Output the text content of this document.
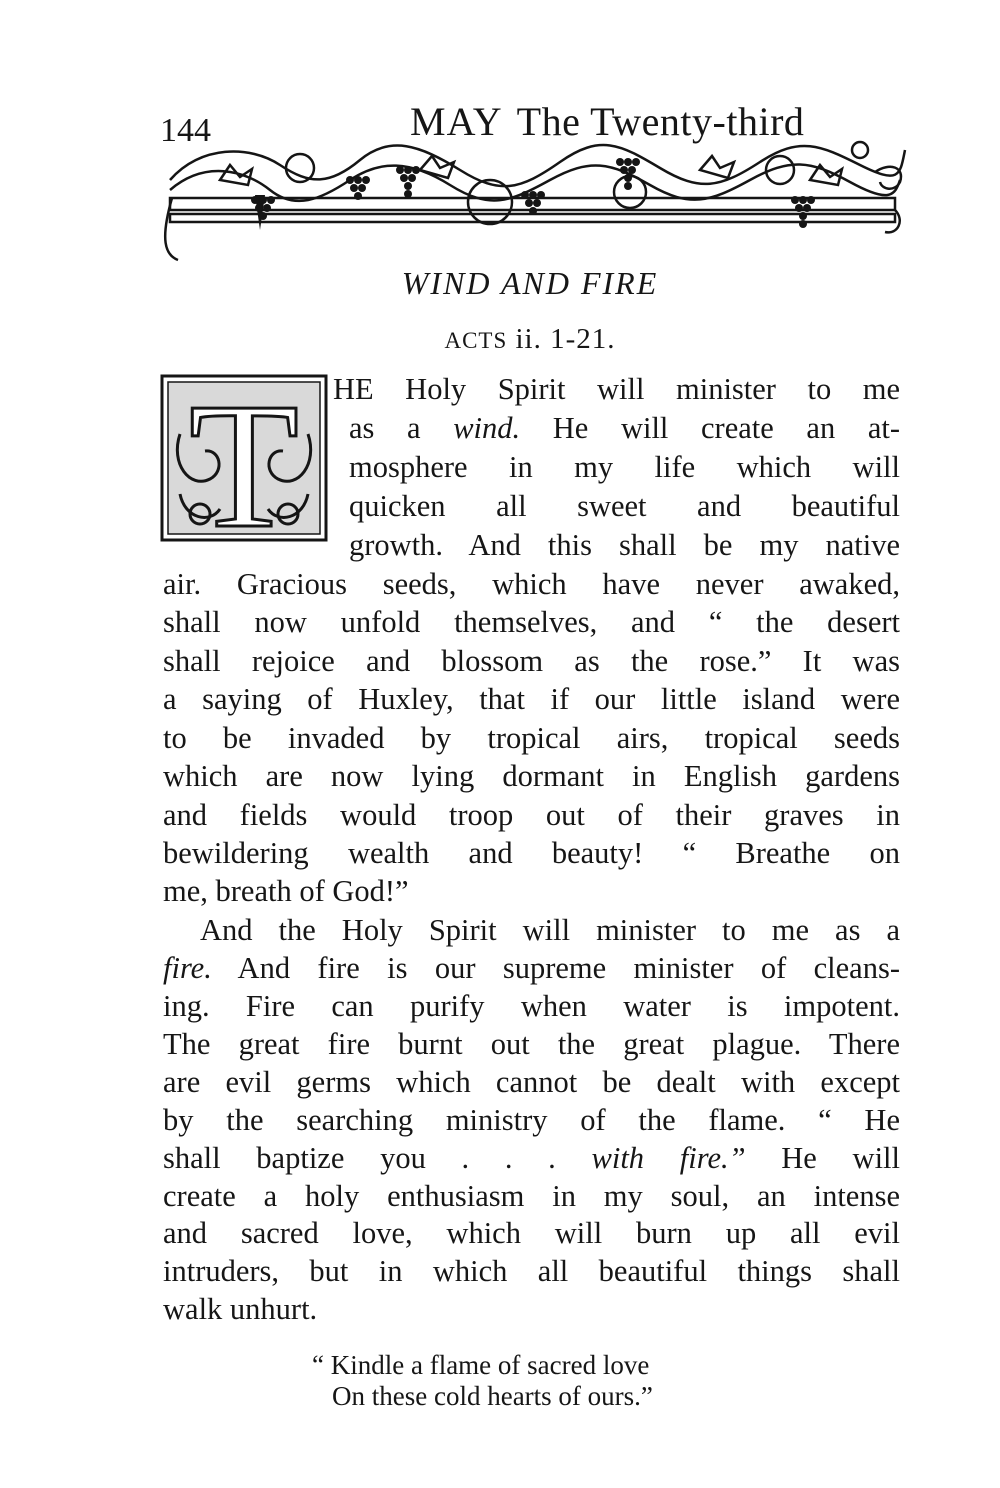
144	MAY The Twenty-third
WIND AND FIRE
ACTS ii. 1-21.
T HE Holy Spirit will minister to me
as a wind. He will create an at-
mosphere in my life which will
quicken all sweet and beautiful
growth. And this shall be my native
air. Gracious seeds, which have never awaked,
shall now unfold themselves, and “ the desert
shall rejoice and blossom as the rose.” It was
a saying of Huxley, that if our little island were
to be invaded by tropical airs, tropical seeds
which are now lying dormant in English gardens
and fields would troop out of their graves in
bewildering wealth and beauty! “ Breathe on
me, breath of God!”
And the Holy Spirit will minister to me as a
fire. And fire is our supreme minister of cleans-
ing. Fire can purify when water is impotent.
The great fire burnt out the great plague. There
are evil germs which cannot be dealt with except
by the searching ministry of the flame. “ He
shall baptize you . . . with fire.” He will
create a holy enthusiasm in my soul, an intense
and sacred love, which will burn up all evil
intruders, but in which all beautiful things shall
walk unhurt.
“ Kindle a flame of sacred love
On these cold hearts of ours.”
